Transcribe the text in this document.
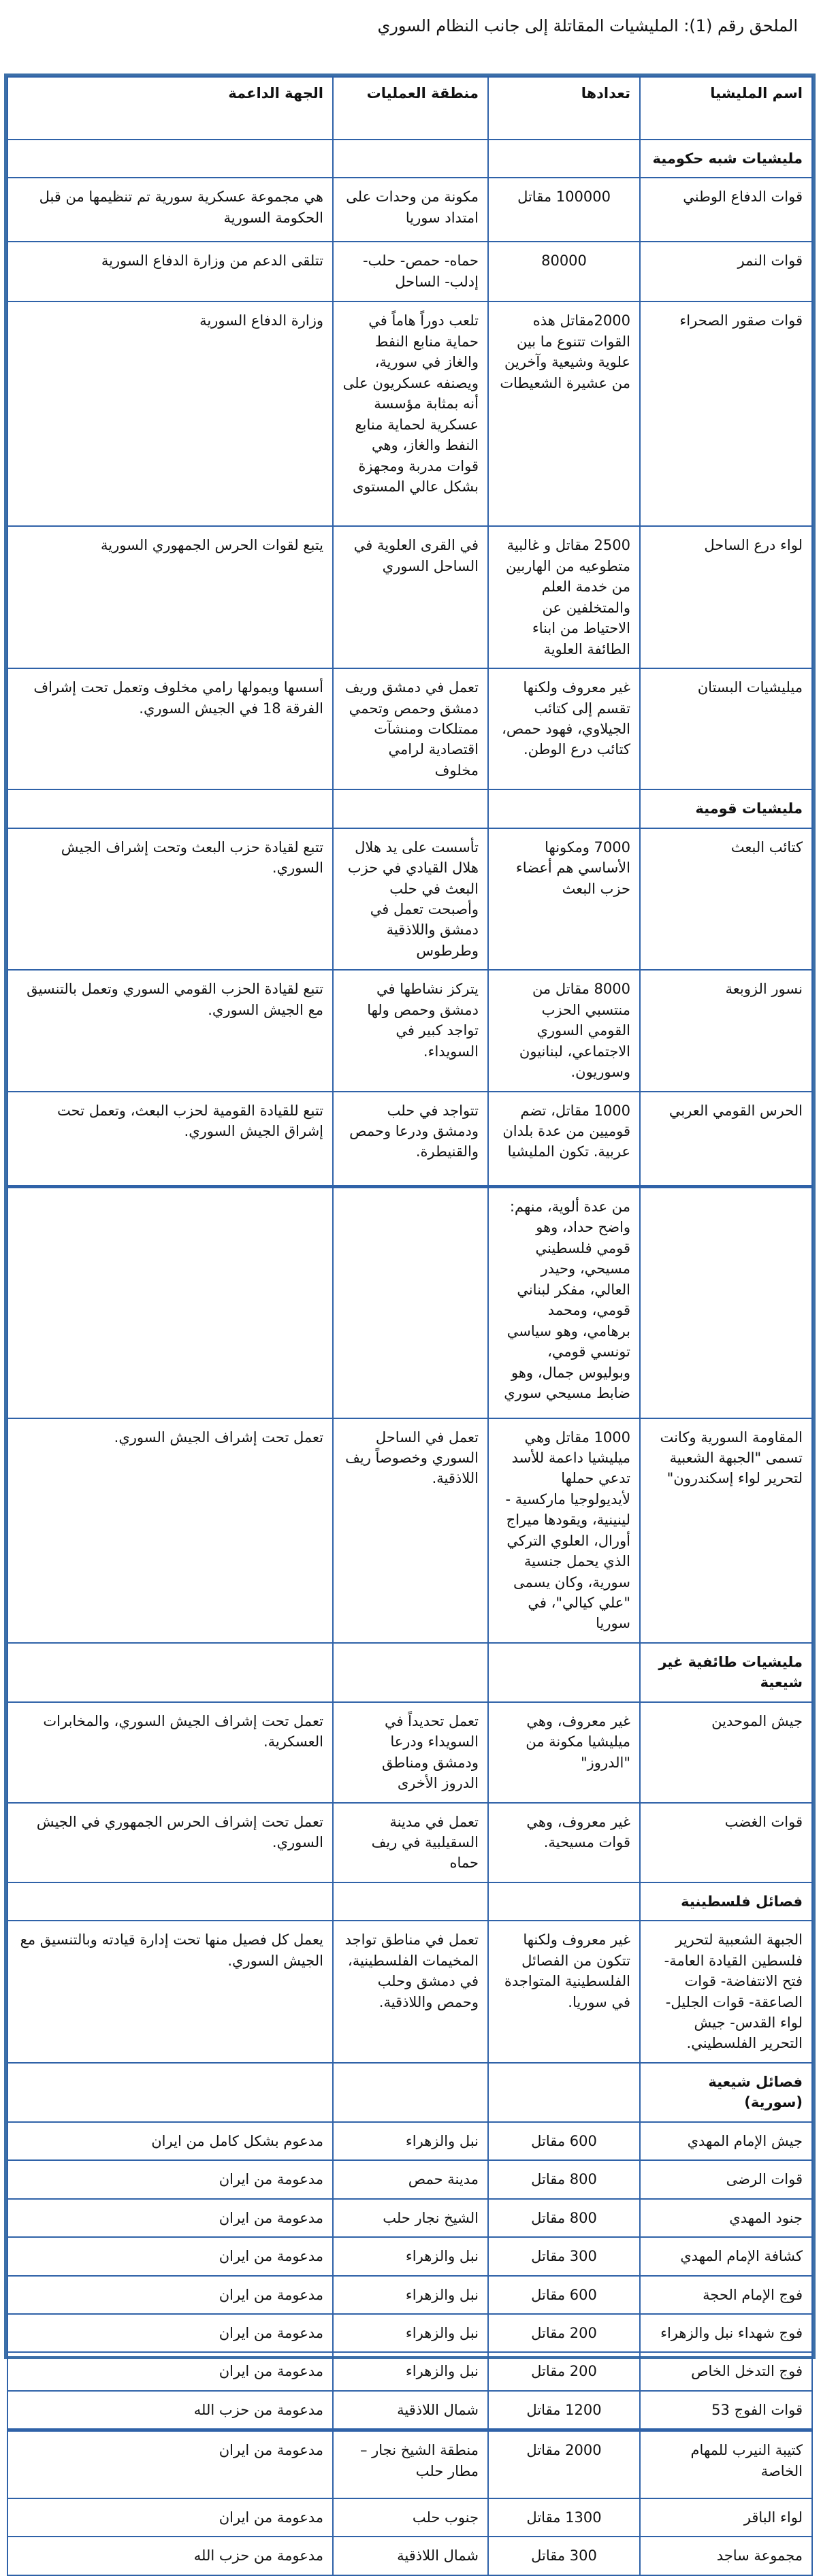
الملحق رقم (1): المليشيات المقاتلة إلى جانب النظام السوري
اسم المليشيا	تعدادها	منطقة العمليات	الجهة الداعمة
مليشيات شبه حكومية			
قوات الدفاع الوطني	100000 مقاتل	مكونة من وحدات على امتداد سوريا	هي مجموعة عسكرية سورية تم تنظيمها من قبل الحكومة السورية
قوات النمر	80000	حماه- حمص- حلب- إدلب- الساحل	تتلقى الدعم من وزارة الدفاع السورية
قوات صقور الصحراء	2000مقاتل هذه القوات تتنوع ما بين علوية وشيعية وآخرين من عشيرة الشعيطات	تلعب دوراً هاماً في حماية منابع النفط والغاز في سورية، ويصنفه عسكريون على أنه بمثابة مؤسسة عسكرية لحماية منابع النفط والغاز، وهي قوات مدربة ومجهزة بشكل عالي المستوى	وزارة الدفاع السورية
لواء درع الساحل	2500 مقاتل و غالبية متطوعيه من الهاربين من خدمة العلم والمتخلفين عن الاحتياط من ابناء الطائفة العلوية	في القرى العلوية في الساحل السوري	يتبع لقوات الحرس الجمهوري السورية
ميليشيات البستان	غير معروف ولكنها تقسم إلى كتائب الجيلاوي، فهود حمص، كتائب درع الوطن.	تعمل في دمشق وريف دمشق وحمص وتحمي ممتلكات ومنشآت اقتصادية لرامي مخلوف	أسسها ويمولها رامي مخلوف وتعمل تحت إشراف الفرقة 18 في الجيش السوري.
مليشيات قومية			
كتائب البعث	7000 ومكونها الأساسي هم أعضاء حزب البعث	تأسست على يد هلال هلال القيادي في حزب البعث في حلب وأصبحت تعمل في دمشق واللاذقية وطرطوس	تتبع لقيادة حزب البعث وتحت إشراف الجيش السوري.
نسور الزوبعة	8000 مقاتل من منتسبي الحزب القومي السوري الاجتماعي، لبنانيون وسوريون.	يتركز نشاطها في دمشق وحمص ولها تواجد كبير في السويداء.	تتبع لقيادة الحزب القومي السوري وتعمل بالتنسيق مع الجيش السوري.
الحرس القومي العربي	1000 مقاتل، تضم قوميين من عدة بلدان عربية. تكون المليشيا	تتواجد في حلب ودمشق ودرعا وحمص والقنيطرة.	تتبع للقيادة القومية لحزب البعث، وتعمل تحت إشراق الجيش السوري.
	من عدة ألوية، منهم: واضح حداد، وهو قومي فلسطيني مسيحي، وحيدر العالي، مفكر لبناني قومي، ومحمد برهامي، وهو سياسي تونسي قومي، وبوليوس جمال، وهو ضابط مسيحي سوري		
المقاومة السورية وكانت تسمى "الجبهة الشعبية لتحرير لواء إسكندرون"	1000 مقاتل وهي ميليشيا داعمة للأسد تدعي حملها لأيديولوجيا ماركسية - لينينية، ويقودها ميراج أورال، العلوي التركي الذي يحمل جنسية سورية، وكان يسمى "علي كيالي"، في سوريا	تعمل في الساحل السوري وخصوصاً ريف اللاذقية.	تعمل تحت إشراف الجيش السوري.
مليشيات طائفية غير شيعية			
جيش الموحدين	غير معروف، وهي ميليشيا مكونة من "الدروز"	تعمل تحديداً في السويداء ودرعا ودمشق ومناطق الدروز الأخرى	تعمل تحت إشراف الجيش السوري، والمخابرات العسكرية.
قوات الغضب	غير معروف، وهي قوات مسيحية.	تعمل في مدينة السقيلبية في ريف حماه	تعمل تحت إشراف الحرس الجمهوري في الجيش السوري.
فصائل فلسطينية			
الجبهة الشعبية لتحرير فلسطين القيادة العامة- فتح الانتفاضة- قوات الصاعقة- قوات الجليل- لواء القدس- جيش التحرير الفلسطيني.	غير معروف ولكنها تتكون من الفصائل الفلسطينية المتواجدة في سوريا.	تعمل في مناطق تواجد المخيمات الفلسطينية، في دمشق وحلب وحمص واللاذقية.	يعمل كل فصيل منها تحت إدارة قيادته وبالتنسيق مع الجيش السوري.
فصائل شيعية (سورية)			
جيش الإمام المهدي	600 مقاتل	نبل والزهراء	مدعوم بشكل كامل من ايران
قوات الرضى	800 مقاتل	مدينة حمص	مدعومة من ايران
جنود المهدي	800 مقاتل	الشيخ نجار حلب	مدعومة من ايران
كشافة الإمام المهدي	300 مقاتل	نبل والزهراء	مدعومة من ايران
فوج الإمام الحجة	600 مقاتل	نبل والزهراء	مدعومة من ايران
فوج شهداء نبل والزهراء	200 مقاتل	نبل والزهراء	مدعومة من ايران
فوج التدخل الخاص	200 مقاتل	نبل والزهراء	مدعومة من ايران
قوات الفوج 53	1200 مقاتل	شمال اللاذقية	مدعومة من حزب الله
كتيبة النيرب للمهام الخاصة	2000 مقاتل	منطقة الشيخ نجار – مطار حلب	مدعومة من ايران
لواء الباقر	1300 مقاتل	جنوب حلب	مدعومة من ايران
مجموعة ساجد	300 مقاتل	شمال اللاذقية	مدعومة من حزب الله
